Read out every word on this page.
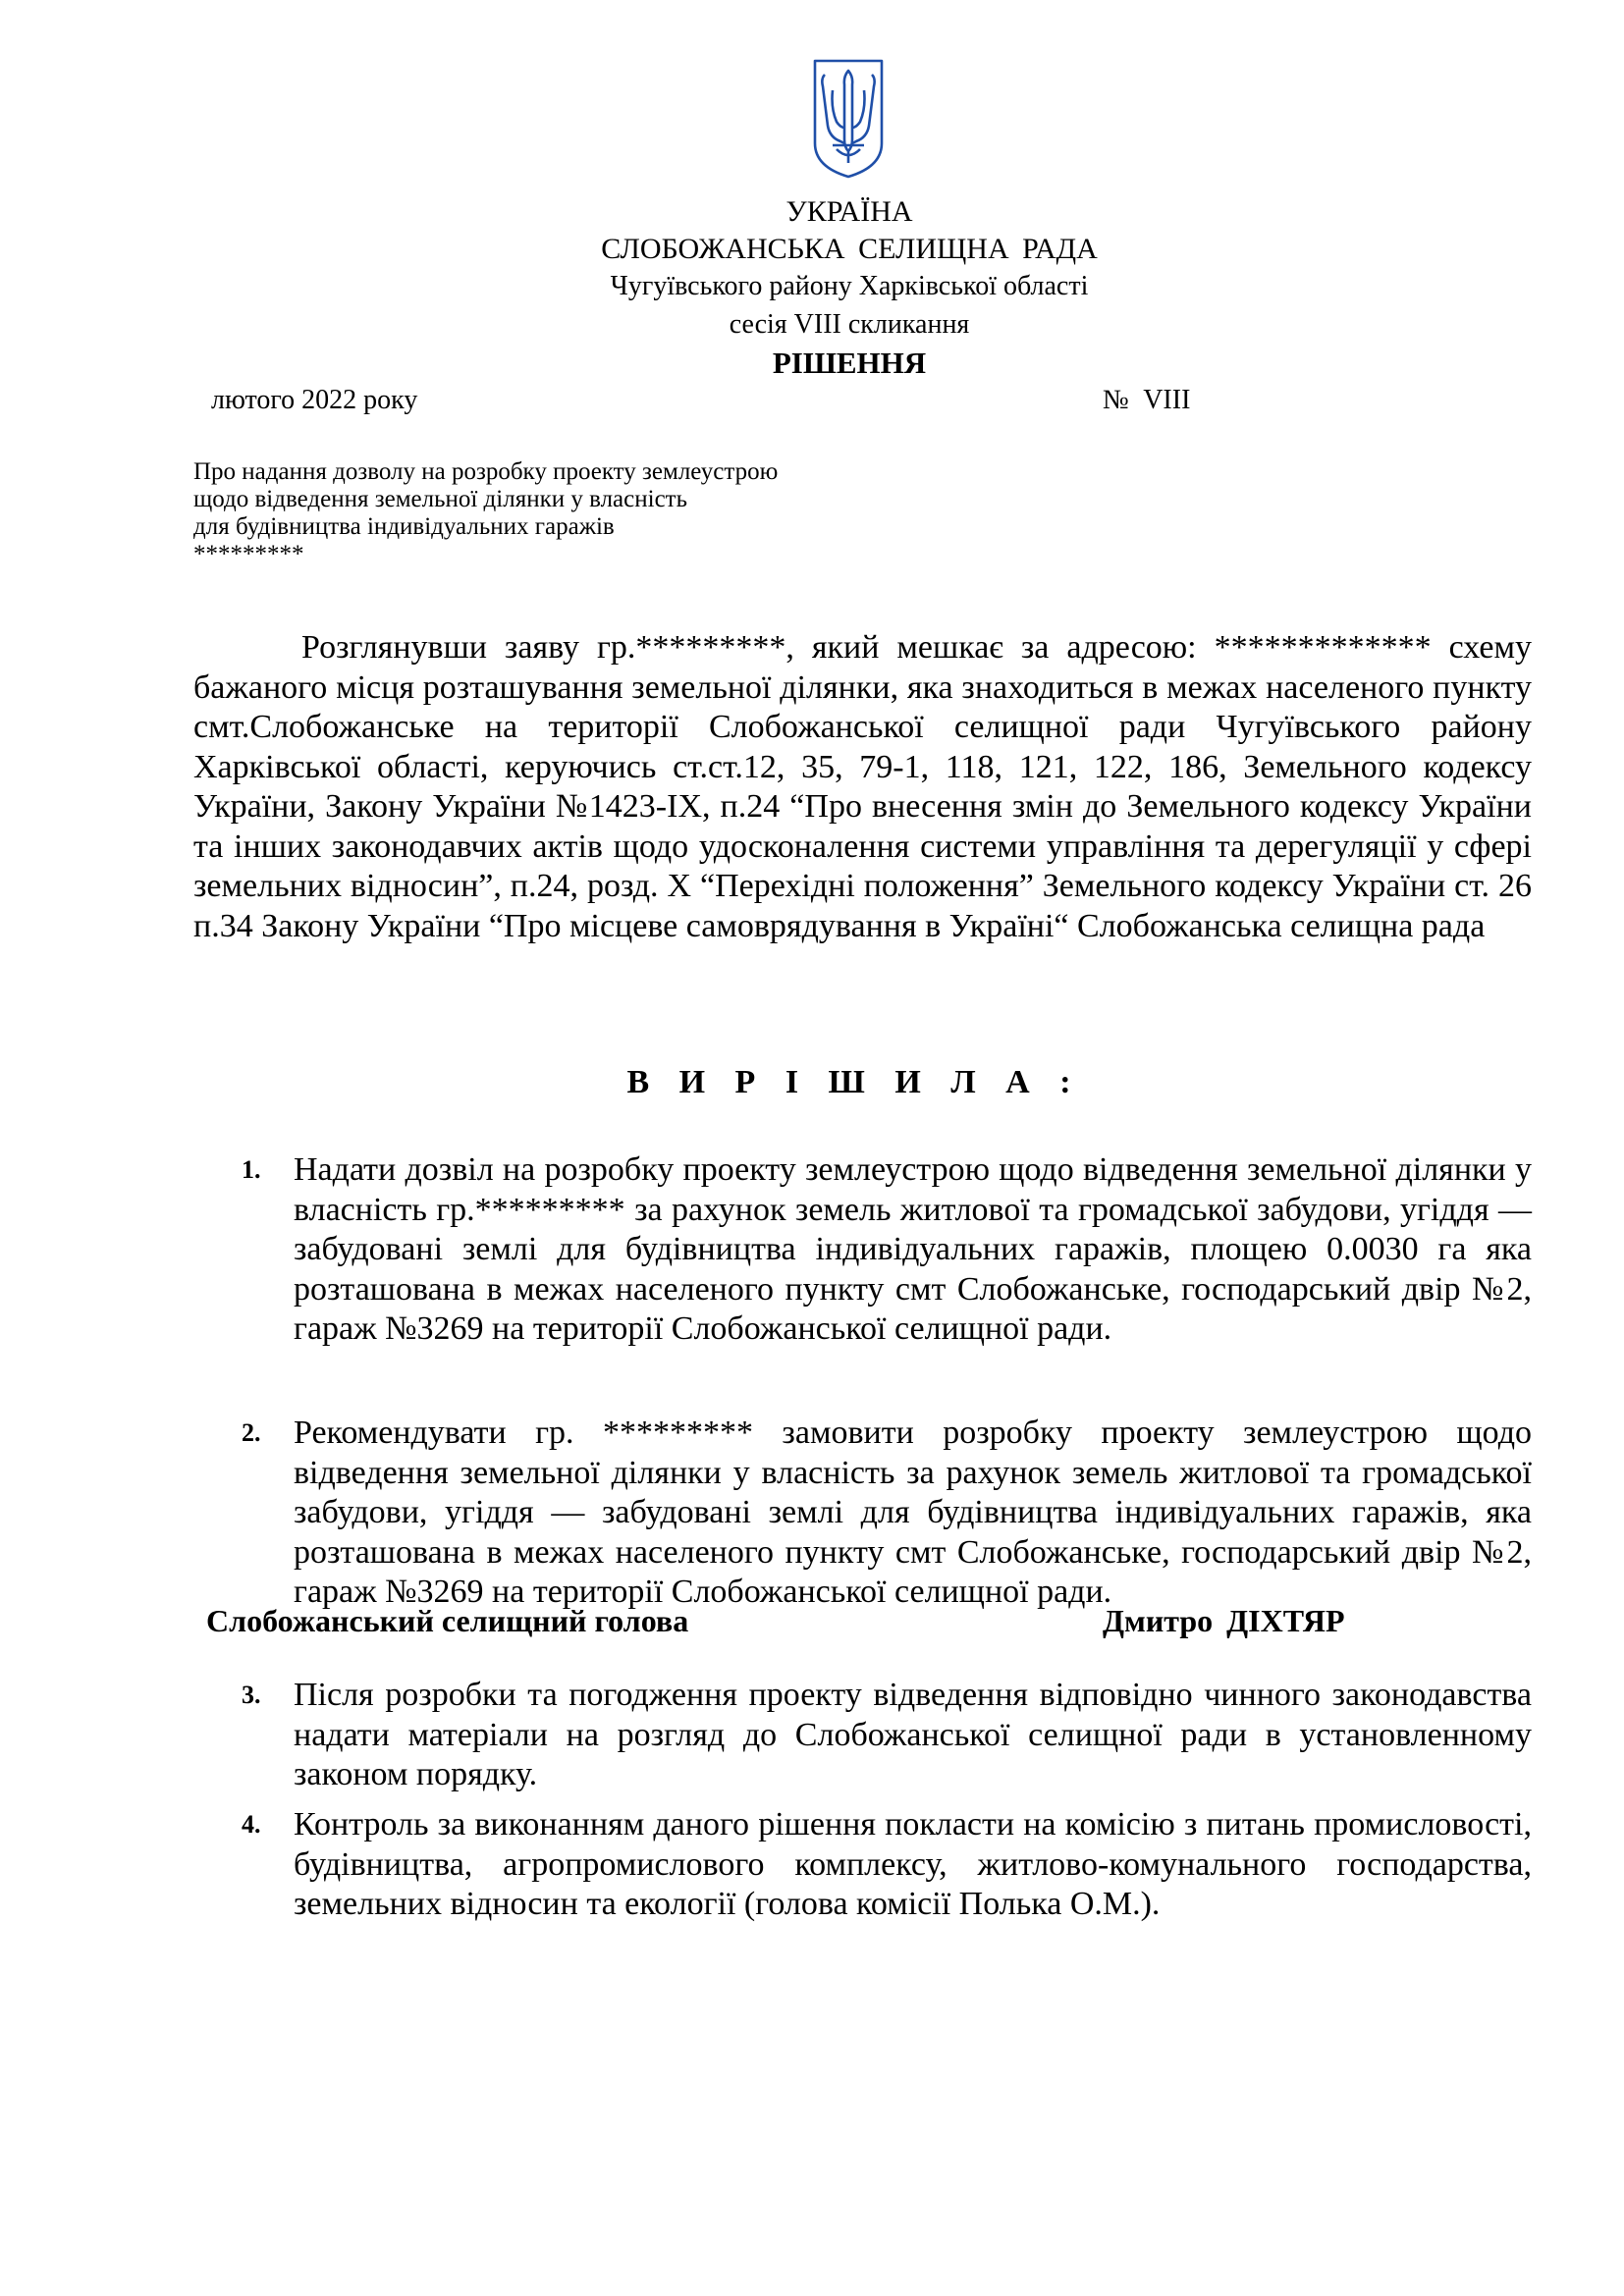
УКРАЇНА
СЛОБОЖАНСЬКА СЕЛИЩНА РАДА
Чугуївського району Харківської області
сесія VIII скликання
РІШЕННЯ
лютого 2022 року	№ VIII
Про надання дозволу на розробку проекту землеустрою
щодо відведення земельної ділянки у власність
для будівництва індивідуальних гаражів
*********
Розглянувши заяву гр.*********, який мешкає за адресою: ************* схему бажаного місця розташування земельної ділянки, яка знаходиться в межах населеного пункту смт.Слобожанське на території Слобожанської селищної ради Чугуївського району Харківської області, керуючись ст.ст.12, 35, 79-1, 118, 121, 122, 186, Земельного кодексу України, Закону України №1423-IX, п.24 “Про внесення змін до Земельного кодексу України та інших законодавчих актів щодо удосконалення системи управління та дерегуляції у сфері земельних відносин”, п.24, розд. X “Перехідні положення” Земельного кодексу України ст. 26 п.34 Закону України “Про місцеве самоврядування в Україні“ Слобожанська селищна рада
В И Р І Ш И Л А :
1. Надати дозвіл на розробку проекту землеустрою щодо відведення земельної ділянки у власність гр.********* за рахунок земель житлової та громадської забудови, угіддя — забудовані землі для будівництва індивідуальних гаражів, площею 0.0030 га яка розташована в межах населеного пункту смт Слобожанське, господарський двір №2, гараж №3269 на території Слобожанської селищної ради.
2. Рекомендувати гр. ********* замовити розробку проекту землеустрою щодо відведення земельної ділянки у власність за рахунок земель житлової та громадської забудови, угіддя — забудовані землі для будівництва індивідуальних гаражів, яка розташована в межах населеного пункту смт Слобожанське, господарський двір №2, гараж №3269 на території Слобожанської селищної ради.
3. Після розробки та погодження проекту відведення відповідно чинного законодавства надати матеріали на розгляд до Слобожанської селищної ради в установленному законом порядку.
4. Контроль за виконанням даного рішення покласти на комісію з питань промисловості, будівництва, агропромислового комплексу, житлово-комунального господарства, земельних відносин та екології (голова комісії Полька О.М.).
Слобожанський селищний голова	Дмитро ДІХТЯР
